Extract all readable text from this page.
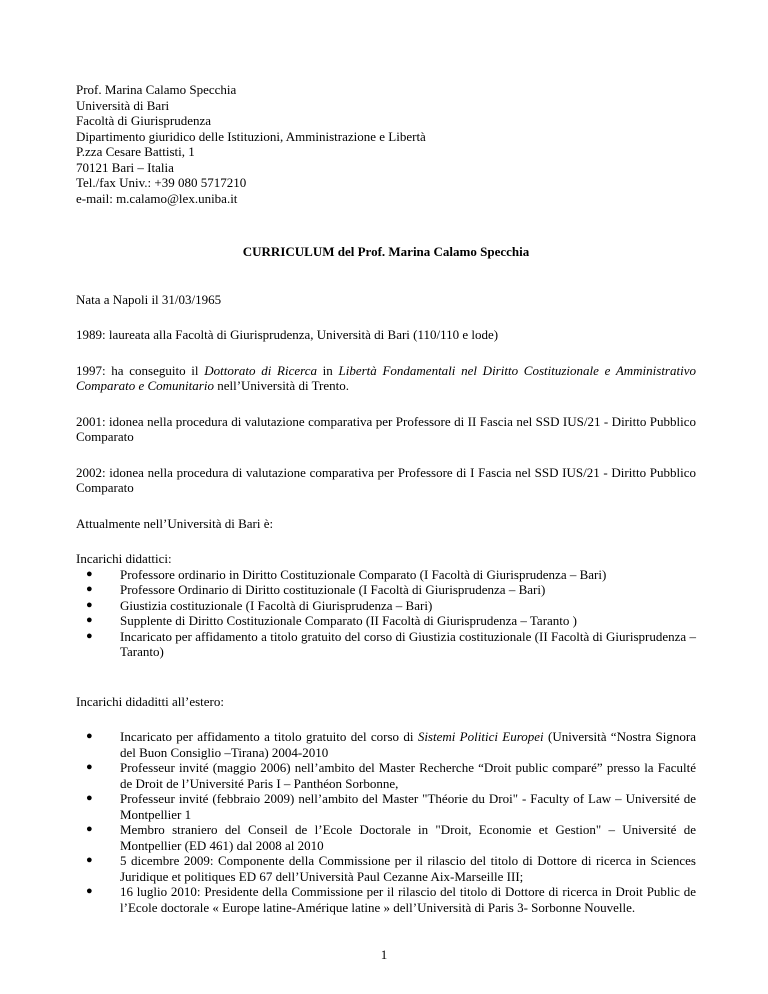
Prof. Marina Calamo Specchia
Università di Bari
Facoltà di Giurisprudenza
Dipartimento giuridico delle Istituzioni, Amministrazione e Libertà
P.zza Cesare Battisti, 1
70121 Bari – Italia
Tel./fax Univ.: +39 080 5717210
e-mail: m.calamo@lex.uniba.it
CURRICULUM del Prof. Marina Calamo Specchia

Nata a Napoli il 31/03/1965

1989: laureata alla Facoltà di Giurisprudenza, Università di Bari (110/110 e lode)

1997: ha conseguito il Dottorato di Ricerca in Libertà Fondamentali nel Diritto Costituzionale e Amministrativo Comparato e Comunitario nell’Università di Trento.

2001: idonea nella procedura di valutazione comparativa per Professore di II Fascia nel SSD IUS/21 - Diritto Pubblico Comparato

2002: idonea nella procedura di valutazione comparativa per Professore di I Fascia nel SSD IUS/21 - Diritto Pubblico Comparato

Attualmente nell’Università di Bari è:

Incarichi didattici:

● Professore ordinario in Diritto Costituzionale Comparato (I Facoltà di Giurisprudenza – Bari)
● Professore Ordinario di Diritto costituzionale (I Facoltà di Giurisprudenza – Bari)
● Giustizia costituzionale (I Facoltà di Giurisprudenza – Bari)
● Supplente di Diritto Costituzionale Comparato (II Facoltà di Giurisprudenza – Taranto )
● Incaricato per affidamento a titolo gratuito del corso di Giustizia costituzionale (II Facoltà di Giurisprudenza –Taranto)

Incarichi didaditti all’estero:

● Incaricato per affidamento a titolo gratuito del corso di Sistemi Politici Europei (Università “Nostra Signora del Buon Consiglio –Tirana) 2004-2010
● Professeur invité (maggio 2006) nell’ambito del Master Recherche “Droit public comparé” presso la Faculté de Droit de l’Université Paris I – Panthéon Sorbonne,
● Professeur invité (febbraio 2009) nell’ambito del Master "Théorie du Droi" - Faculty of Law – Université de Montpellier 1
● Membro straniero del Conseil de l’Ecole Doctorale in "Droit, Economie et Gestion" – Université de Montpellier (ED 461) dal 2008 al 2010
● 5 dicembre 2009: Componente della Commissione per il rilascio del titolo di Dottore di ricerca in Sciences Juridique et politiques ED 67 dell’Università Paul Cezanne Aix-Marseille III;
● 16 luglio 2010: Presidente della Commissione per il rilascio del titolo di Dottore di ricerca in Droit Public de l’Ecole doctorale « Europe latine-Amérique latine » dell’Università di Paris 3- Sorbonne Nouvelle.
1
